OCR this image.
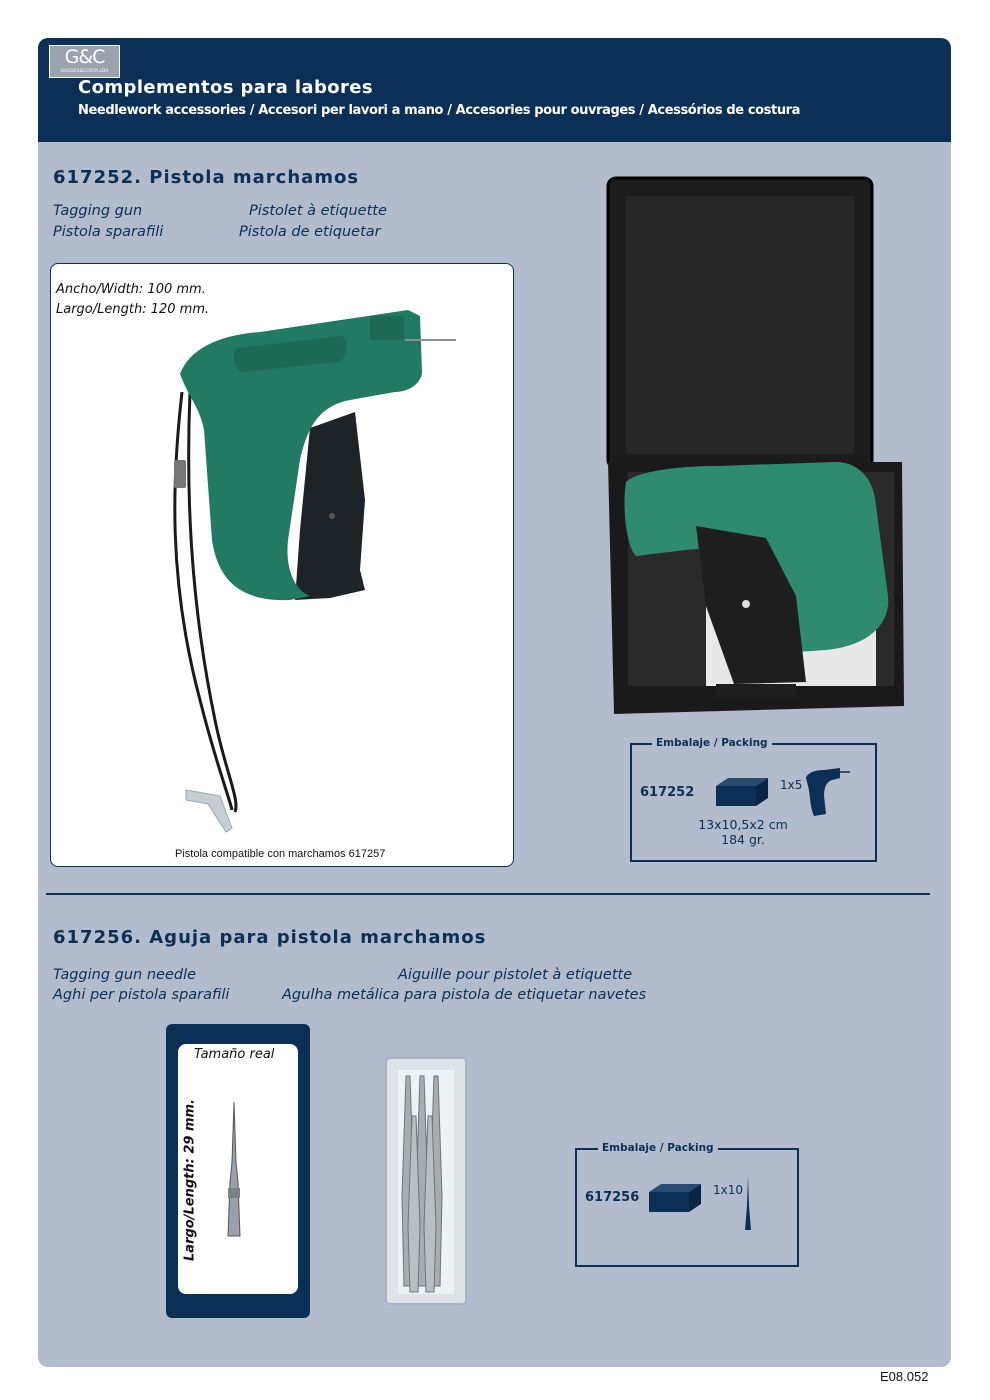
G&C
GUEDES&COSTA,LDA
Complementos para labores
Needlework accessories / Accesori per lavori a mano / Accesories pour ouvrages / Acessórios de costura
617252. Pistola marchamos
Tagging gun	Pistolet à etiquette
Pistola sparafili	Pistola de etiquetar
Ancho/Width: 100 mm.
Largo/Length: 120 mm.
Pistola compatible con marchamos 617257
Embalaje / Packing
617252	1x5
13x10,5x2 cm
184 gr.
617256. Aguja para pistola marchamos
Tagging gun needle	Aiguille pour pistolet à etiquette
Aghi per pistola sparafili	Agulha metálica para pistola de etiquetar navetes
Tamaño real
Largo/Length: 29 mm.	Embalaje / Packing
617256	1x10
E08.052
